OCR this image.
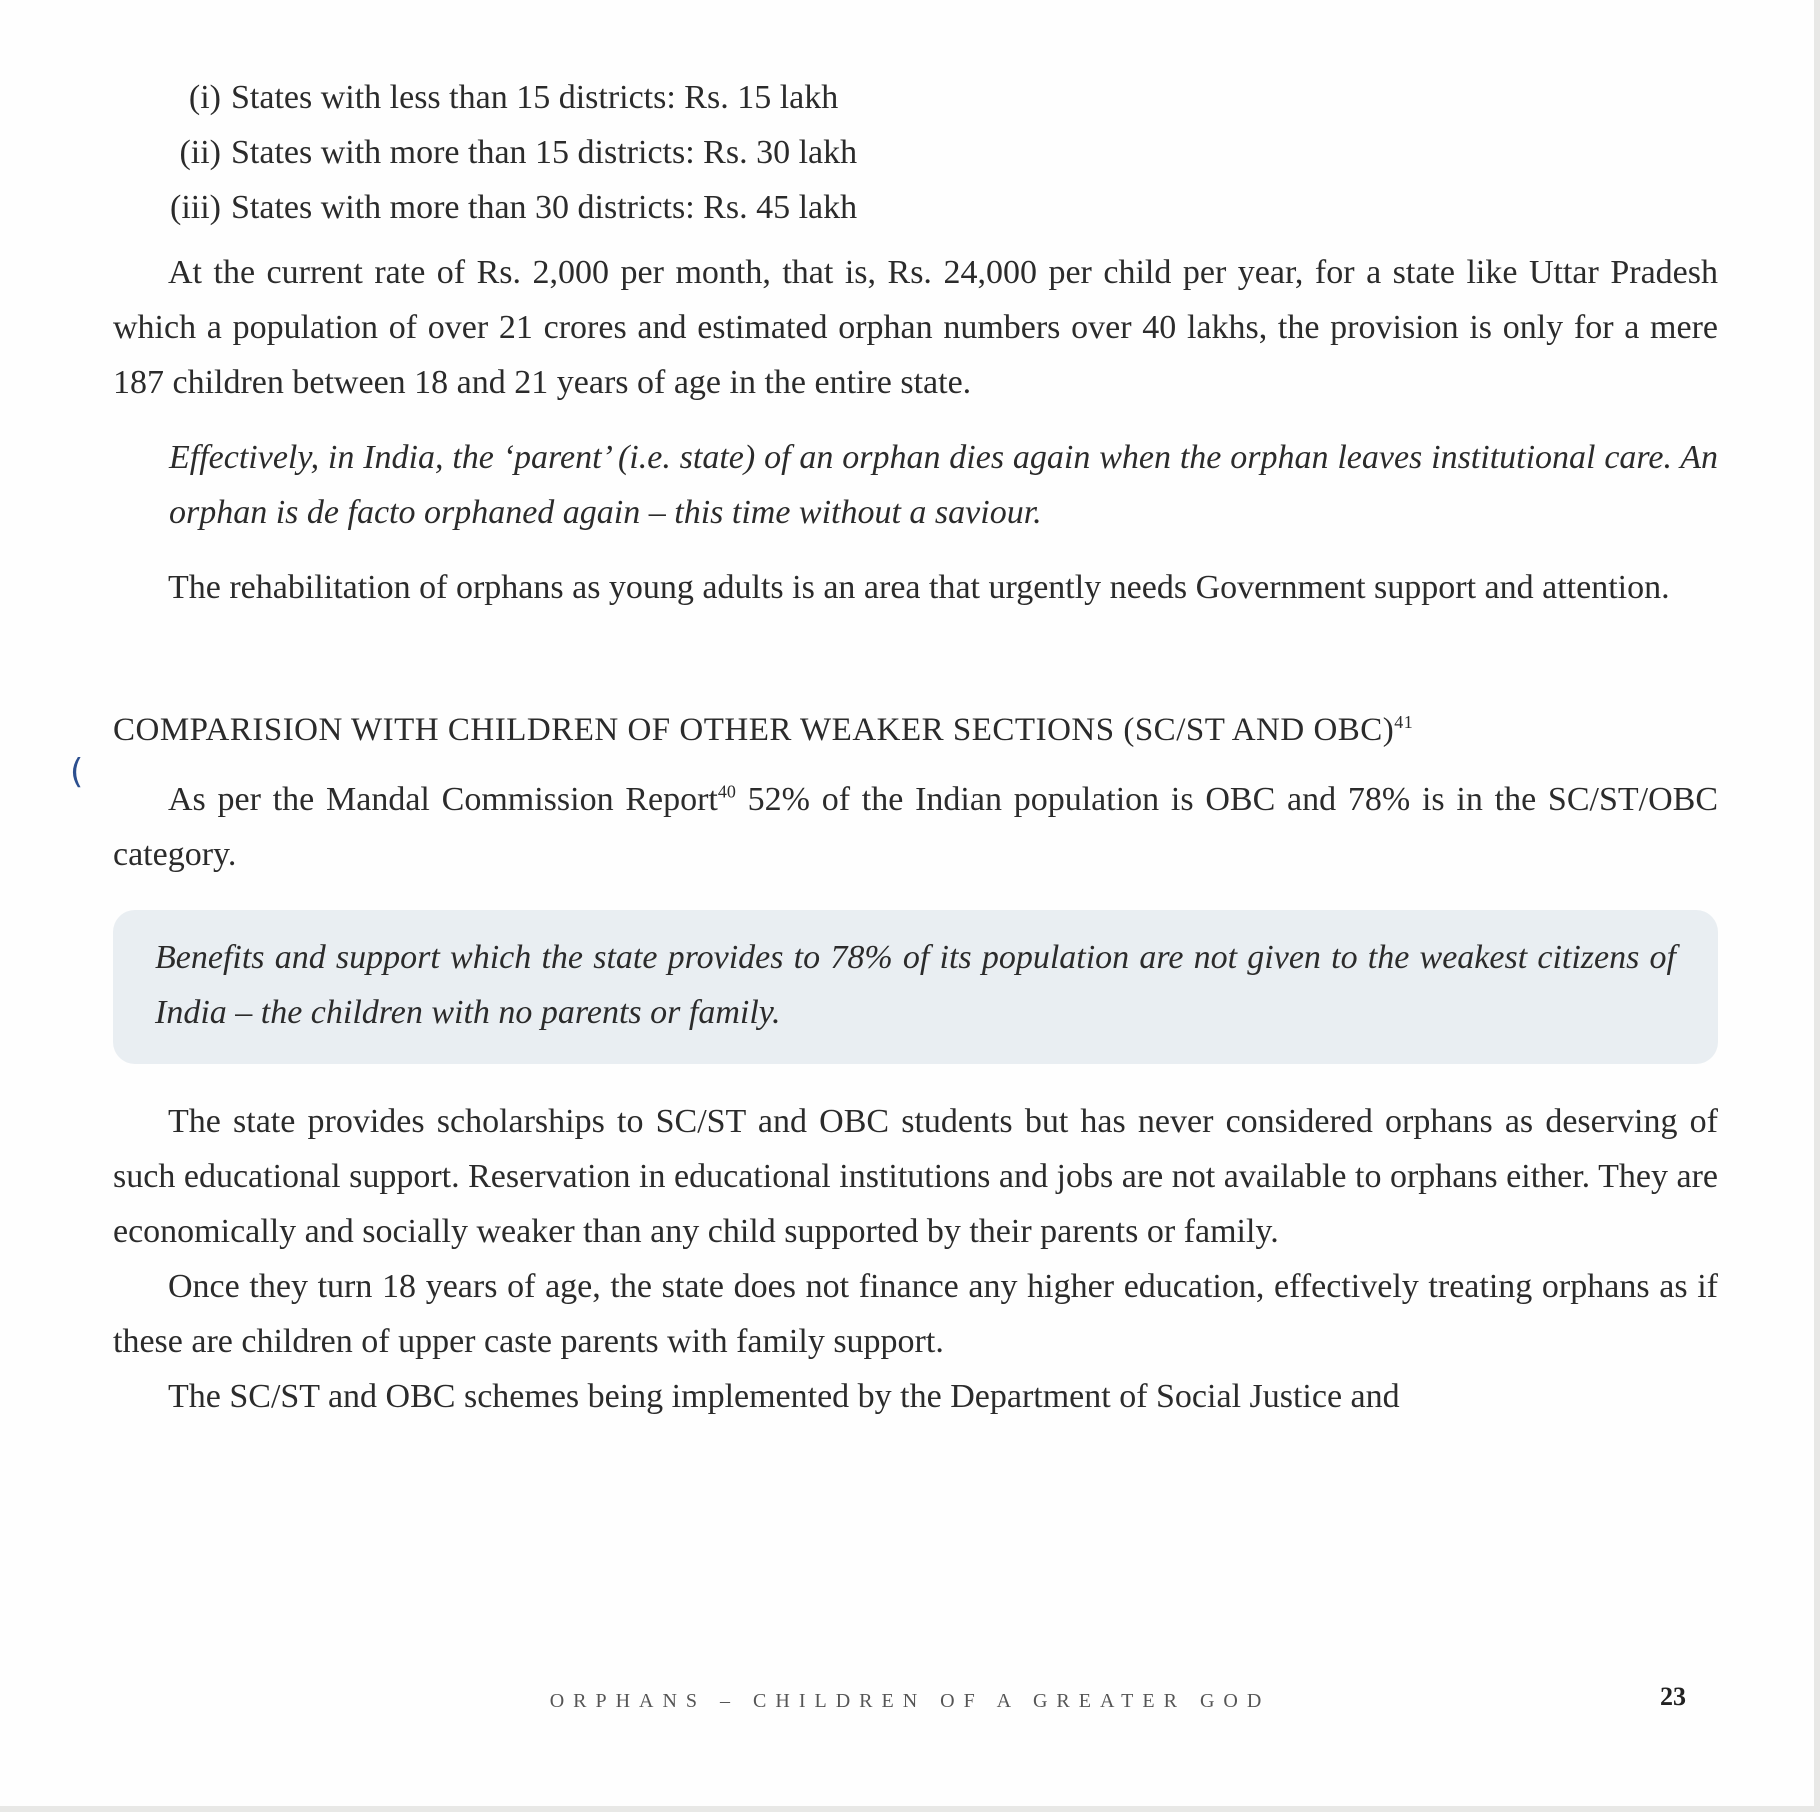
(
(i) States with less than 15 districts: Rs. 15 lakh
(ii) States with more than 15 districts: Rs. 30 lakh
(iii) States with more than 30 districts: Rs. 45 lakh

At the current rate of Rs. 2,000 per month, that is, Rs. 24,000 per child per year, for a state like Uttar Pradesh which a population of over 21 crores and estimated orphan numbers over 40 lakhs, the provision is only for a mere 187 children between 18 and 21 years of age in the entire state.

Effectively, in India, the ‘parent’ (i.e. state) of an orphan dies again when the orphan leaves institutional care. An orphan is de facto orphaned again – this time without a saviour.

The rehabilitation of orphans as young adults is an area that urgently needs Government support and attention.

COMPARISION WITH CHILDREN OF OTHER WEAKER SECTIONS (SC/ST AND OBC)$^{41}$

As per the Mandal Commission Report$^{40}$ 52% of the Indian population is OBC and 78% is in the SC/ST/OBC category.

Benefits and support which the state provides to 78% of its population are not given to the weakest citizens of India – the children with no parents or family.

The state provides scholarships to SC/ST and OBC students but has never considered orphans as deserving of such educational support. Reservation in educational institutions and jobs are not available to orphans either. They are economically and socially weaker than any child supported by their parents or family.

Once they turn 18 years of age, the state does not finance any higher education, effectively treating orphans as if these are children of upper caste parents with family support.

The SC/ST and OBC schemes being implemented by the Department of Social Justice and

ORPHANS – CHILDREN OF A GREATER GOD	23
